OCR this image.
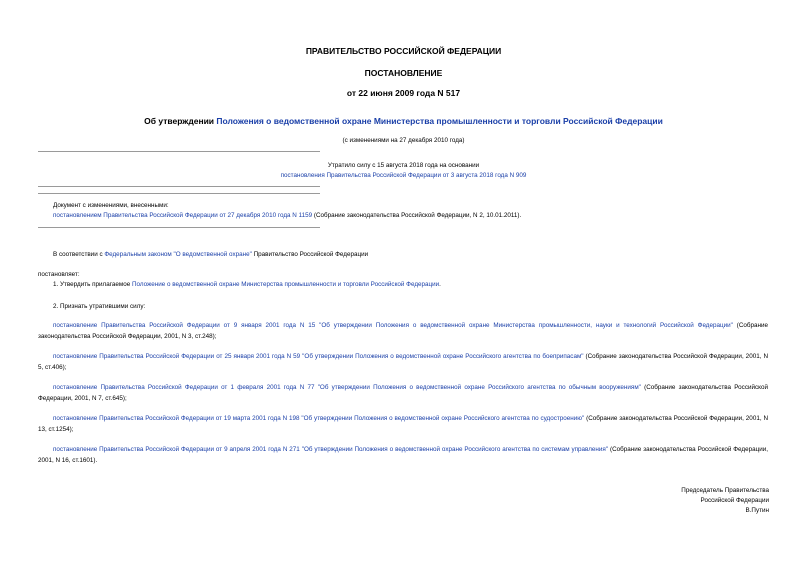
ПРАВИТЕЛЬСТВО РОССИЙСКОЙ ФЕДЕРАЦИИ
ПОСТАНОВЛЕНИЕ
от 22 июня 2009 года N 517
Об утверждении Положения о ведомственной охране Министерства промышленности и торговли Российской Федерации
(с изменениями на 27 декабря 2010 года)
Утратило силу с 15 августа 2018 года на основании
постановления Правительства Российской Федерации от 3 августа 2018 года N 909
Документ с изменениями, внесенными:
постановлением Правительства Российской Федерации от 27 декабря 2010 года N 1159 (Собрание законодательства Российской Федерации, N 2, 10.01.2011).
В соответствии с Федеральным законом "О ведомственной охране" Правительство Российской Федерации
постановляет:
1. Утвердить прилагаемое Положение о ведомственной охране Министерства промышленности и торговли Российской Федерации.
2. Признать утратившими силу:
постановление Правительства Российской Федерации от 9 января 2001 года N 15 "Об утверждении Положения о ведомственной охране Министерства промышленности, науки и технологий Российской Федерации" (Собрание законодательства Российской Федерации, 2001, N 3, ст.248);
постановление Правительства Российской Федерации от 25 января 2001 года N 59 "Об утверждении Положения о ведомственной охране Российского агентства по боеприпасам" (Собрание законодательства Российской Федерации, 2001, N 5, ст.406);
постановление Правительства Российской Федерации от 1 февраля 2001 года N 77 "Об утверждении Положения о ведомственной охране Российского агентства по обычным вооружениям" (Собрание законодательства Российской Федерации, 2001, N 7, ст.645);
постановление Правительства Российской Федерации от 19 марта 2001 года N 198 "Об утверждении Положения о ведомственной охране Российского агентства по судостроению" (Собрание законодательства Российской Федерации, 2001, N 13, ст.1254);
постановление Правительства Российской Федерации от 9 апреля 2001 года N 271 "Об утверждении Положения о ведомственной охране Российского агентства по системам управления" (Собрание законодательства Российской Федерации, 2001, N 16, ст.1601).
Председатель Правительства
Российской Федерации
В.Путин
